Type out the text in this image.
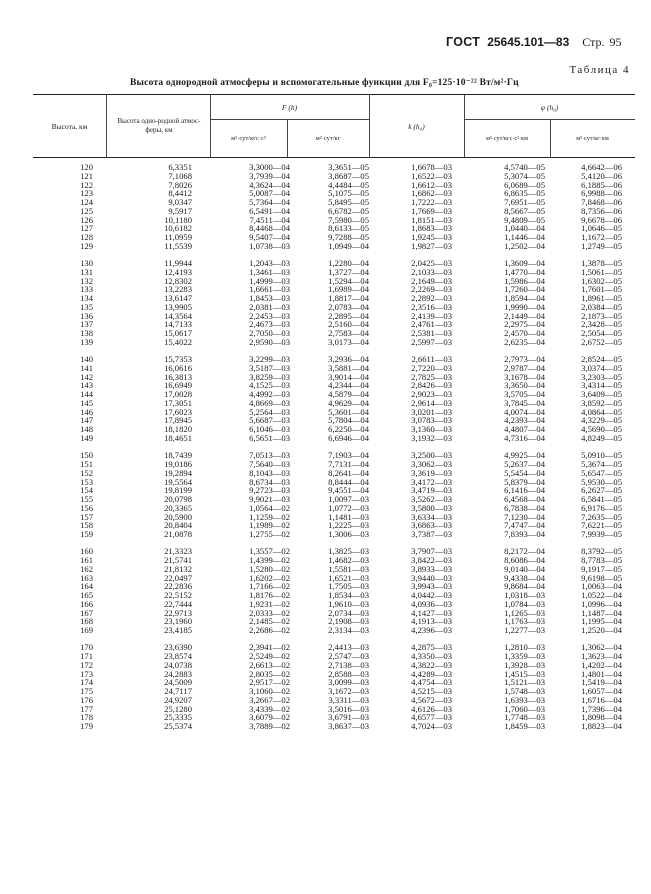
ГОСТ 25645.101—83 Стр. 95
Таблица 4
Высота однородной атмосферы и вспомогательные функции для F₀=125·10⁻²² Вт/м²·Гц
Высота, км
Высота одно-родной атмос-феры, км
F (h)
м²·сут/кгс·с²	м²·сут/кг
k (h₀)
φ (h₀)
м²·сут/кгс·с²·км	м²·сут/кг·км
120	6,3351	3,3000—04	3,3651—05	1,6678—03	4,5740—05	4,6642—06
121	7,1068	3,7939—04	3,8687—05	1,6522—03	5,3074—05	5,4120—06
122	7,8026	4,3624—04	4,4484—05	1,6612—03	6,0689—05	6,1885—06
123	8,4412	5,0087—04	5,1075—05	1,6862—03	6,8635—05	6,9988—06
124	9,0347	5,7364—04	5,8495—05	1,7222—03	7,6951—05	7,8468—06
125	9,5917	6,5491—04	6,6782—05	1,7669—03	8,5667—05	8,7356—06
126	10,1180	7,4511—04	7,5980—05	1,8151—03	9,4809—05	9,6678—06
127	10,6182	8,4468—04	8,6133—05	1,8683—03	1,0440—04	1,0646—05
128	11,0959	9,5407—04	9,7288—05	1,9245—03	1,1446—04	1,1672—05
129	11,5539	1,0738—03	1,0949—04	1,9827—03	1,2502—04	1,2749—05
130	11,9944	1,2043—03	1,2280—04	2,0425—03	1,3609—04	1,3878—05
131	12,4193	1,3461—03	1,3727—04	2,1033—03	1,4770—04	1,5061—05
132	12,8302	1,4999—03	1,5294—04	2,1649—03	1,5986—04	1,6302—05
133	13,2283	1,6661—03	1,6989—04	2,2269—03	1,7260—04	1,7601—05
134	13,6147	1,8453—03	1,8817—04	2,2892—03	1,8594—04	1,8961—05
135	13,9905	2,0381—03	2,0783—04	2,3516—03	1,9990—04	2,0384—05
136	14,3564	2,2453—03	2,2895—04	2,4139—03	2,1449—04	2,1873—05
137	14,7133	2,4673—03	2,5160—04	2,4761—03	2,2975—04	2,3428—05
138	15,0617	2,7050—03	2,7583—04	2,5381—03	2,4570—04	2,5054—05
139	15,4022	2,9590—03	3,0173—04	2,5997—03	2,6235—04	2,6752—05
140	15,7353	3,2299—03	3,2936—04	2,6611—03	2,7973—04	2,8524—05
141	16,0616	3,5187—03	3,5881—04	2,7220—03	2,9787—04	3,0374—05
142	16,3813	3,8259—03	3,9014—04	2,7825—03	3,1678—04	3,2303—05
143	16,6949	4,1525—03	4,2344—04	2,8426—03	3,3650—04	3,4314—05
144	17,0028	4,4992—03	4,5879—04	2,9023—03	3,5705—04	3,6409—05
145	17,3051	4,8669—03	4,9629—04	2,9614—03	3,7845—04	3,8592—05
146	17,6023	5,2564—03	5,3601—04	3,0201—03	4,0074—04	4,0864—05
147	17,8945	5,6687—03	5,7804—04	3,0783—03	4,2393—04	4,3229—05
148	18,1820	6,1046—03	6,2250—04	3,1360—03	4,4807—04	4,5690—05
149	18,4651	6,5651—03	6,6946—04	3,1932—03	4,7316—04	4,8249—05
150	18,7439	7,0513—03	7,1903—04	3,2500—03	4,9925—04	5,0910—05
151	19,0186	7,5640—03	7,7131—04	3,3062—03	5,2637—04	5,3674—05
152	19,2894	8,1043—03	8,2641—04	3,3619—03	5,5454—04	5,6547—05
153	19,5564	8,6734—03	8,8444—04	3,4172—03	5,8379—04	5,9530—05
154	19,8199	9,2723—03	9,4551—04	3,4719—03	6,1416—04	6,2627—05
155	20,0798	9,9021—03	1,0097—03	3,5262—03	6,4568—04	6,5841—05
156	20,3365	1,0564—02	1,0772—03	3,5800—03	6,7838—04	6,9176—05
157	20,5900	1,1259—02	1,1481—03	3,6334—03	7,1230—04	7,2635—05
158	20,8404	1,1989—02	1,2225—03	3,6863—03	7,4747—04	7,6221—05
159	21,0878	1,2755—02	1,3006—03	3,7387—03	7,8393—04	7,9939—05
160	21,3323	1,3557—02	1,3825—03	3,7907—03	8,2172—04	8,3792—05
161	21,5741	1,4399—02	1,4682—03	3,8422—03	8,6086—04	8,7783—05
162	21,8132	1,5280—02	1,5581—03	3,8933—03	9,0140—04	9,1917—05
163	22,0497	1,6202—02	1,6521—03	3,9440—03	9,4338—04	9,6198—05
164	22,2836	1,7166—02	1,7505—03	3,9943—03	9,8684—04	1,0063—04
165	22,5152	1,8176—02	1,8534—03	4,0442—03	1,0318—03	1,0522—04
166	22,7444	1,9231—02	1,9610—03	4,0936—03	1,0784—03	1,0996—04
167	22,9713	2,0333—02	2,0734—03	4,1427—03	1,1265—03	1,1487—04
168	23,1960	2,1485—02	2,1908—03	4,1913—03	1,1763—03	1,1995—04
169	23,4185	2,2686—02	2,3134—03	4,2396—03	1,2277—03	1,2520—04
170	23,6390	2,3941—02	2,4413—03	4,2875—03	1,2810—03	1,3062—04
171	23,8574	2,5249—02	2,5747—03	4,3350—03	1,3359—03	1,3623—04
172	24,0738	2,6613—02	2,7138—03	4,3822—03	1,3928—03	1,4202—04
173	24,2883	2,8035—02	2,8588—03	4,4289—03	1,4515—03	1,4801—04
174	24,5009	2,9517—02	3,0099—03	4,4754—03	1,5121—03	1,5419—04
175	24,7117	3,1060—02	3,1672—03	4,5215—03	1,5748—03	1,6057—04
176	24,9207	3,2667—02	3,3311—03	4,5672—03	1,6393—03	1,6716—04
177	25,1280	3,4339—02	3,5016—03	4,6126—03	1,7060—03	1,7396—04
178	25,3335	3,6079—02	3,6791—03	4,6577—03	1,7748—03	1,8098—04
179	25,5374	3,7889—02	3,8637—03	4,7024—03	1,8459—03	1,8823—04
